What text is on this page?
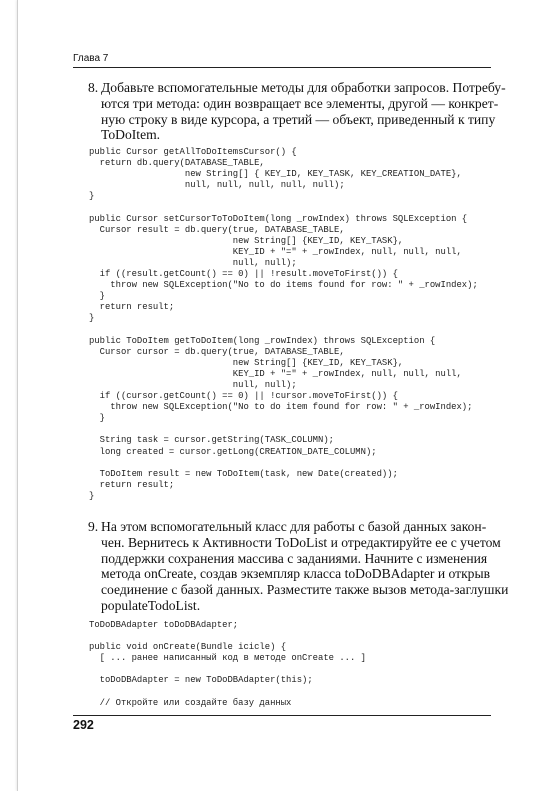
Глава 7
8. Добавьте вспомогательные методы для обработки запросов. Потребу-
ются три метода: один возвращает все элементы, другой — конкрет-
ную строку в виде курсора, а третий — объект, приведенный к типу
ToDoItem.
public Cursor getAllToDoItemsCursor() {
return db.query(DATABASE_TABLE,
new String[] { KEY_ID, KEY_TASK, KEY_CREATION_DATE},
null, null, null, null, null);
}
public Cursor setCursorToToDoItem(long _rowIndex) throws SQLException {
Cursor result = db.query(true, DATABASE_TABLE,
new String[] {KEY_ID, KEY_TASK},
KEY_ID + "=" + _rowIndex, null, null, null,
null, null);
if ((result.getCount() == 0) || !result.moveToFirst()) {
throw new SQLException("No to do items found for row: " + _rowIndex);
}
return result;
}
public ToDoItem getToDoItem(long _rowIndex) throws SQLException {
Cursor cursor = db.query(true, DATABASE_TABLE,
new String[] {KEY_ID, KEY_TASK},
KEY_ID + "=" + _rowIndex, null, null, null,
null, null);
if ((cursor.getCount() == 0) || !cursor.moveToFirst()) {
throw new SQLException("No to do item found for row: " + _rowIndex);
}
String task = cursor.getString(TASK_COLUMN);
long created = cursor.getLong(CREATION_DATE_COLUMN);
ToDoItem result = new ToDoItem(task, new Date(created));
return result;
}
9. На этом вспомогательный класс для работы с базой данных закон-
чен. Вернитесь к Активности ToDoList и отредактируйте ее с учетом
поддержки сохранения массива с заданиями. Начните с изменения
метода onCreate, создав экземпляр класса toDoDBAdapter и открыв
соединение с базой данных. Разместите также вызов метода-заглушки
populateTodoList.
ToDoDBAdapter toDoDBAdapter;
public void onCreate(Bundle icicle) {
[ ... ранее написанный код в методе onCreate ... ]
toDoDBAdapter = new ToDoDBAdapter(this);
// Откройте или создайте базу данных
292
